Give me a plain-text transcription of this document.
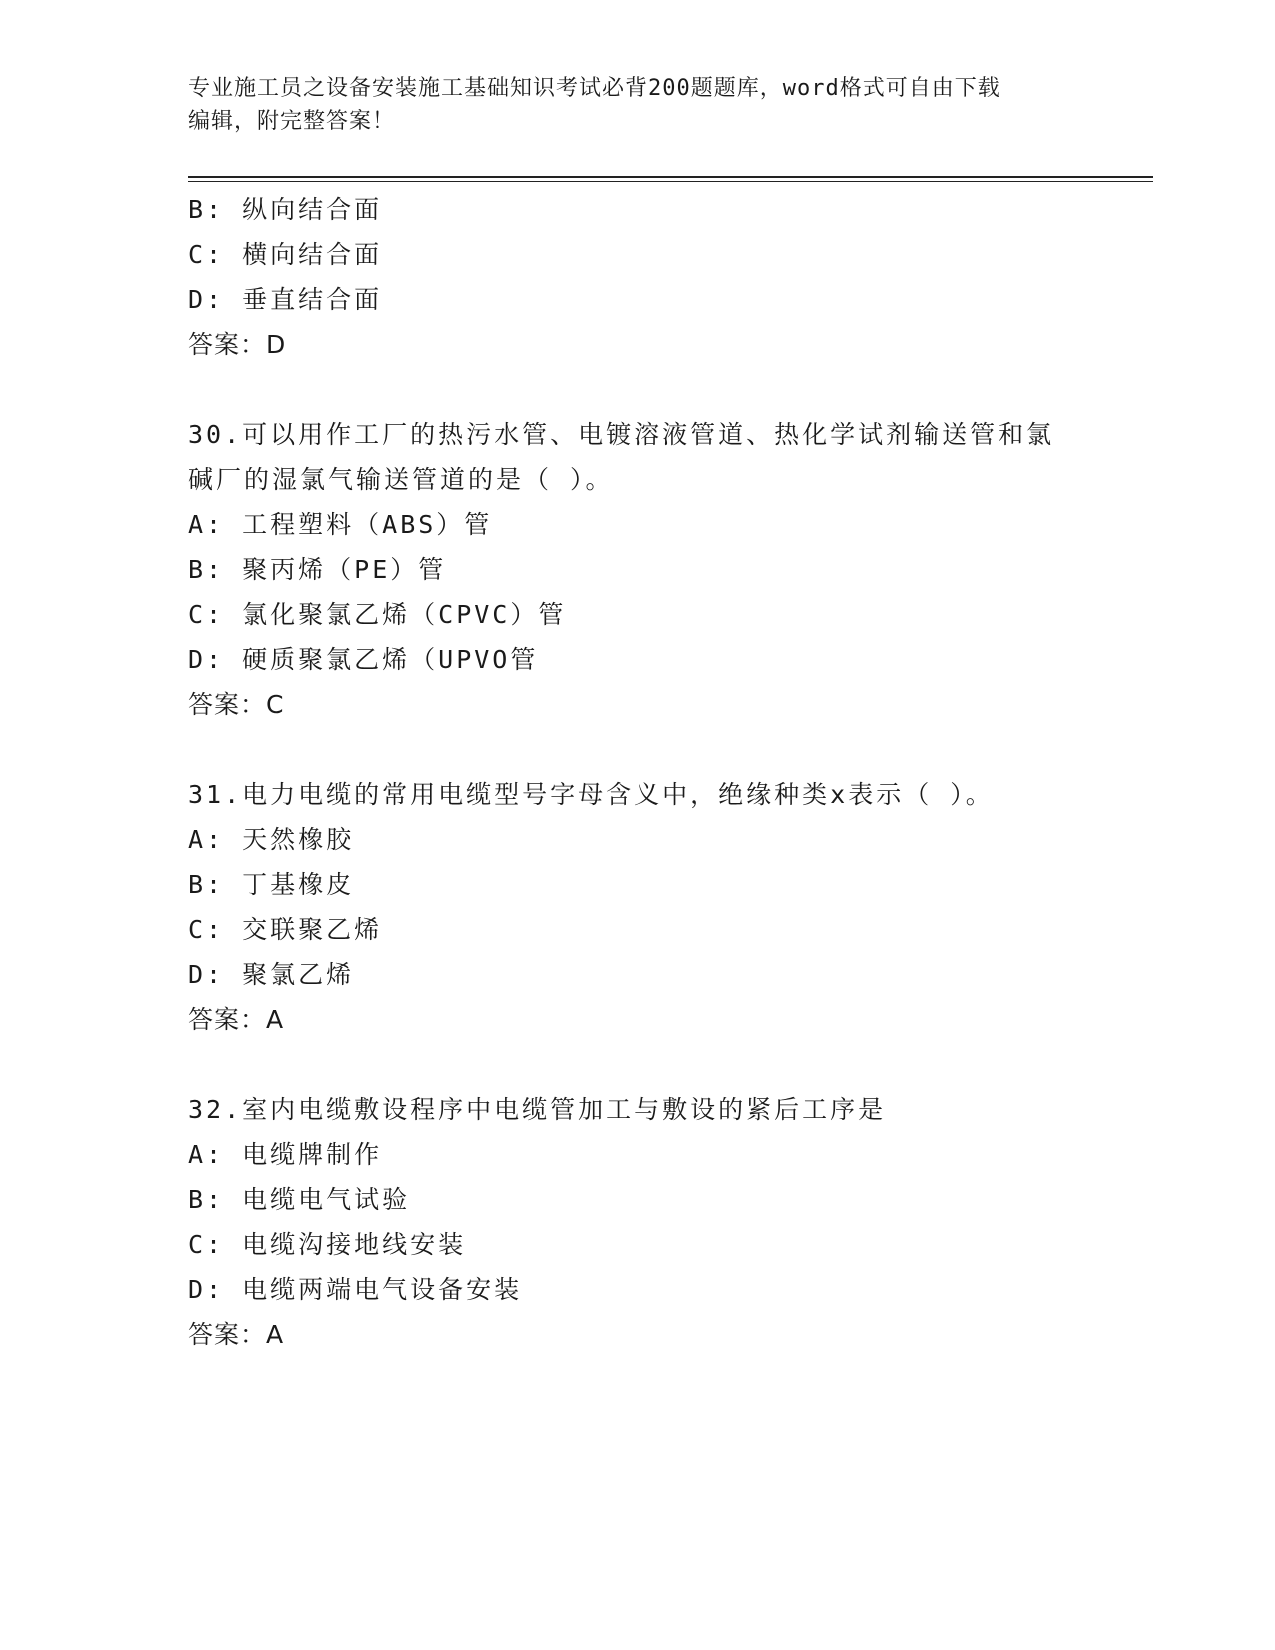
专业施工员之设备安装施工基础知识考试必背200题题库，word格式可自由下载
编辑，附完整答案！
B: 纵向结合面
C: 横向结合面
D: 垂直结合面
答案：D
30.可以用作工厂的热污水管、电镀溶液管道、热化学试剂输送管和氯
碱厂的湿氯气输送管道的是（ ）。
A: 工程塑料（ABS）管
B: 聚丙烯（PE）管
C: 氯化聚氯乙烯（CPVC）管
D: 硬质聚氯乙烯（UPVO管
答案：C
31.电力电缆的常用电缆型号字母含义中，绝缘种类x表示（ ）。
A: 天然橡胶
B: 丁基橡皮
C: 交联聚乙烯
D: 聚氯乙烯
答案：A
32.室内电缆敷设程序中电缆管加工与敷设的紧后工序是
A: 电缆牌制作
B: 电缆电气试验
C: 电缆沟接地线安装
D: 电缆两端电气设备安装
答案：A
